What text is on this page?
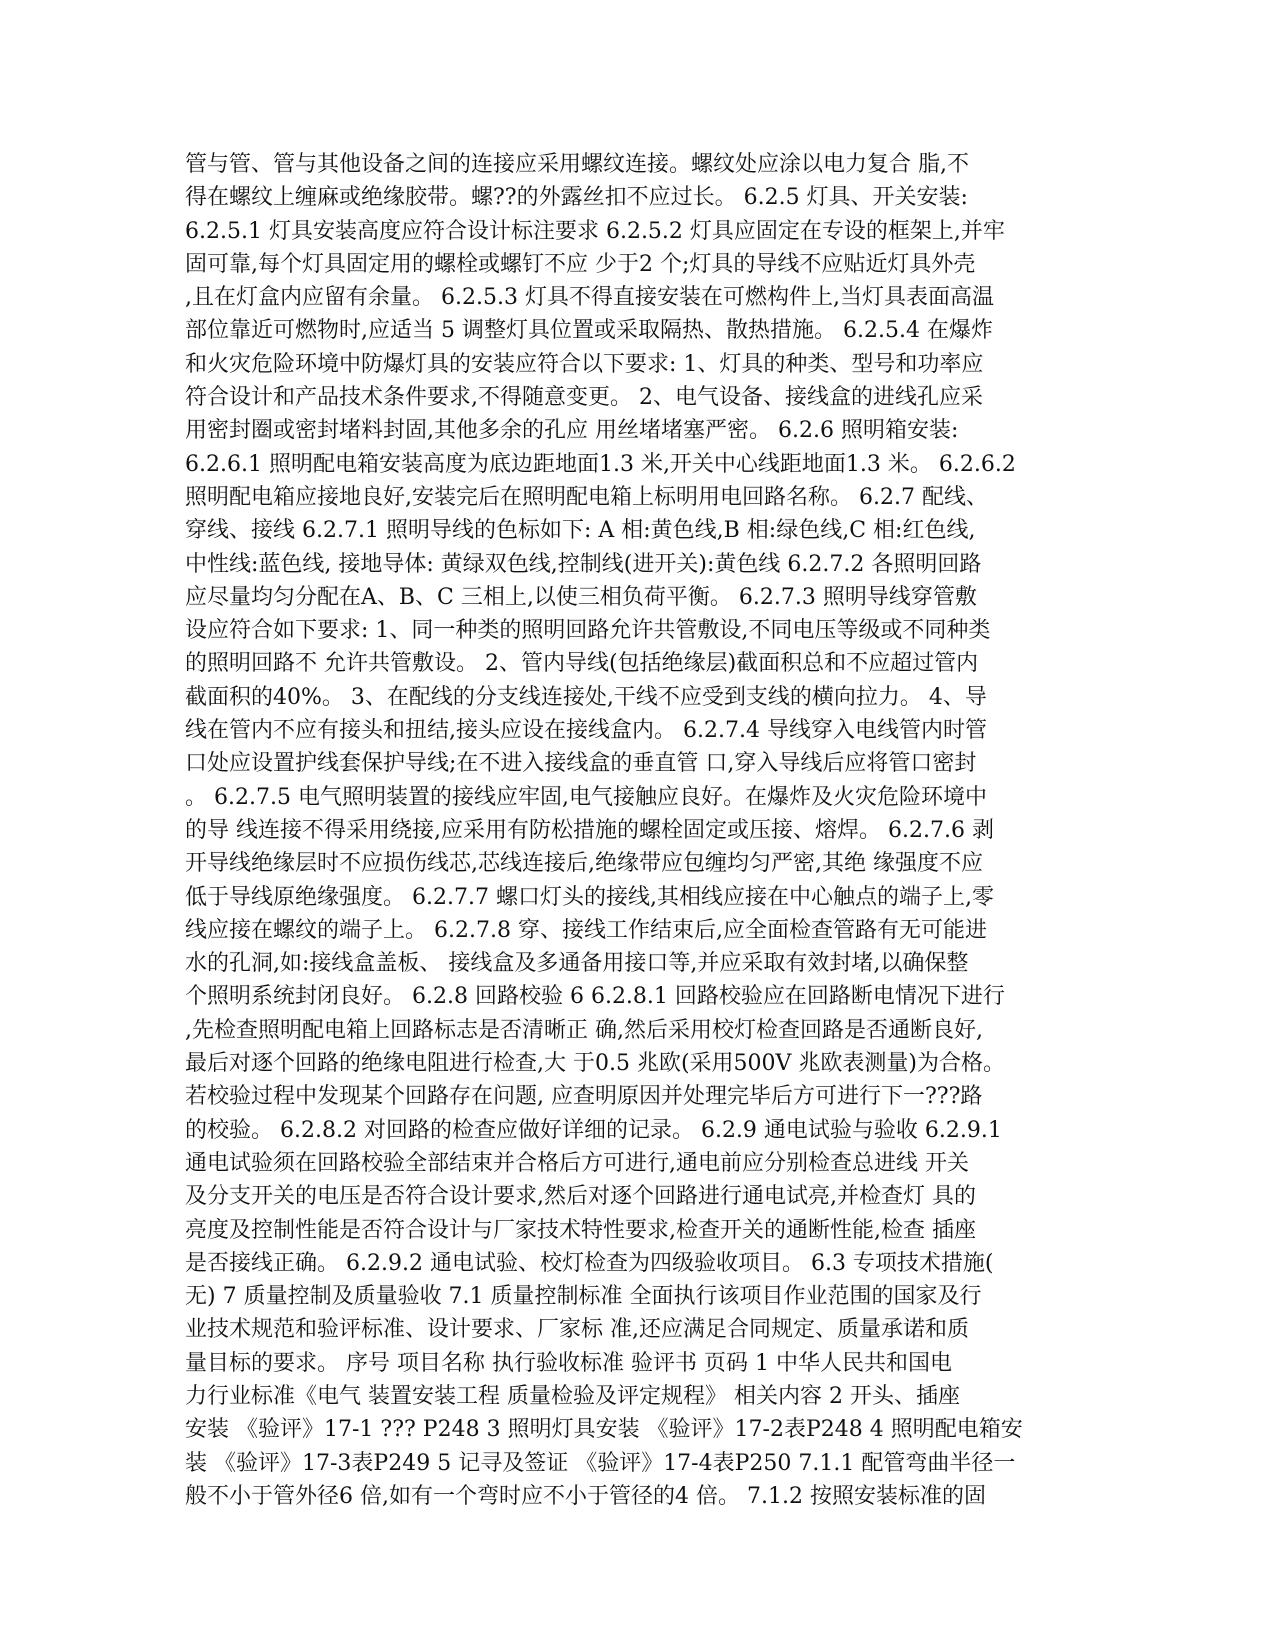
管与管、管与其他设备之间的连接应采用螺纹连接。螺纹处应涂以电力复合 脂,不
得在螺纹上缠麻或绝缘胶带。螺??的外露丝扣不应过长。 6.2.5 灯具、开关安装:
6.2.5.1 灯具安装高度应符合设计标注要求 6.2.5.2 灯具应固定在专设的框架上,并牢
固可靠,每个灯具固定用的螺栓或螺钉不应 少于2 个;灯具的导线不应贴近灯具外壳
,且在灯盒内应留有余量。 6.2.5.3 灯具不得直接安装在可燃构件上,当灯具表面高温
部位靠近可燃物时,应适当 5 调整灯具位置或采取隔热、散热措施。 6.2.5.4 在爆炸
和火灾危险环境中防爆灯具的安装应符合以下要求: 1、灯具的种类、型号和功率应
符合设计和产品技术条件要求,不得随意变更。 2、电气设备、接线盒的进线孔应采
用密封圈或密封堵料封固,其他多余的孔应 用丝堵堵塞严密。 6.2.6 照明箱安装:
6.2.6.1 照明配电箱安装高度为底边距地面1.3 米,开关中心线距地面1.3 米。 6.2.6.2
照明配电箱应接地良好,安装完后在照明配电箱上标明用电回路名称。 6.2.7 配线、
穿线、接线 6.2.7.1 照明导线的色标如下: A 相:黄色线,B 相:绿色线,C 相:红色线,
中性线:蓝色线, 接地导体: 黄绿双色线,控制线(进开关):黄色线 6.2.7.2 各照明回路
应尽量均匀分配在A、B、C 三相上,以使三相负荷平衡。 6.2.7.3 照明导线穿管敷
设应符合如下要求: 1、同一种类的照明回路允许共管敷设,不同电压等级或不同种类
的照明回路不 允许共管敷设。 2、管内导线(包括绝缘层)截面积总和不应超过管内
截面积的40%。 3、在配线的分支线连接处,干线不应受到支线的横向拉力。 4、导
线在管内不应有接头和扭结,接头应设在接线盒内。 6.2.7.4 导线穿入电线管内时管
口处应设置护线套保护导线;在不进入接线盒的垂直管 口,穿入导线后应将管口密封
。 6.2.7.5 电气照明装置的接线应牢固,电气接触应良好。在爆炸及火灾危险环境中
的导 线连接不得采用绕接,应采用有防松措施的螺栓固定或压接、熔焊。 6.2.7.6 剥
开导线绝缘层时不应损伤线芯,芯线连接后,绝缘带应包缠均匀严密,其绝 缘强度不应
低于导线原绝缘强度。 6.2.7.7 螺口灯头的接线,其相线应接在中心触点的端子上,零
线应接在螺纹的端子上。 6.2.7.8 穿、接线工作结束后,应全面检查管路有无可能进
水的孔洞,如:接线盒盖板、 接线盒及多通备用接口等,并应采取有效封堵,以确保整
个照明系统封闭良好。 6.2.8 回路校验 6 6.2.8.1 回路校验应在回路断电情况下进行
,先检查照明配电箱上回路标志是否清晰正 确,然后采用校灯检查回路是否通断良好,
最后对逐个回路的绝缘电阻进行检查,大 于0.5 兆欧(采用500V 兆欧表测量)为合格。
若校验过程中发现某个回路存在问题, 应查明原因并处理完毕后方可进行下一???路
的校验。 6.2.8.2 对回路的检查应做好详细的记录。 6.2.9 通电试验与验收 6.2.9.1
通电试验须在回路校验全部结束并合格后方可进行,通电前应分别检查总进线 开关
及分支开关的电压是否符合设计要求,然后对逐个回路进行通电试亮,并检查灯 具的
亮度及控制性能是否符合设计与厂家技术特性要求,检查开关的通断性能,检查 插座
是否接线正确。 6.2.9.2 通电试验、校灯检查为四级验收项目。 6.3 专项技术措施(
无) 7 质量控制及质量验收 7.1 质量控制标准 全面执行该项目作业范围的国家及行
业技术规范和验评标准、设计要求、厂家标 准,还应满足合同规定、质量承诺和质
量目标的要求。 序号 项目名称 执行验收标准 验评书 页码 1 中华人民共和国电
力行业标准《电气 装置安装工程 质量检验及评定规程》 相关内容 2 开头、插座
安装 《验评》17-1 ??? P248 3 照明灯具安装 《验评》17-2表P248 4 照明配电箱安
装 《验评》17-3表P249 5 记寻及签证 《验评》17-4表P250 7.1.1 配管弯曲半径一
般不小于管外径6 倍,如有一个弯时应不小于管径的4 倍。 7.1.2 按照安装标准的固
